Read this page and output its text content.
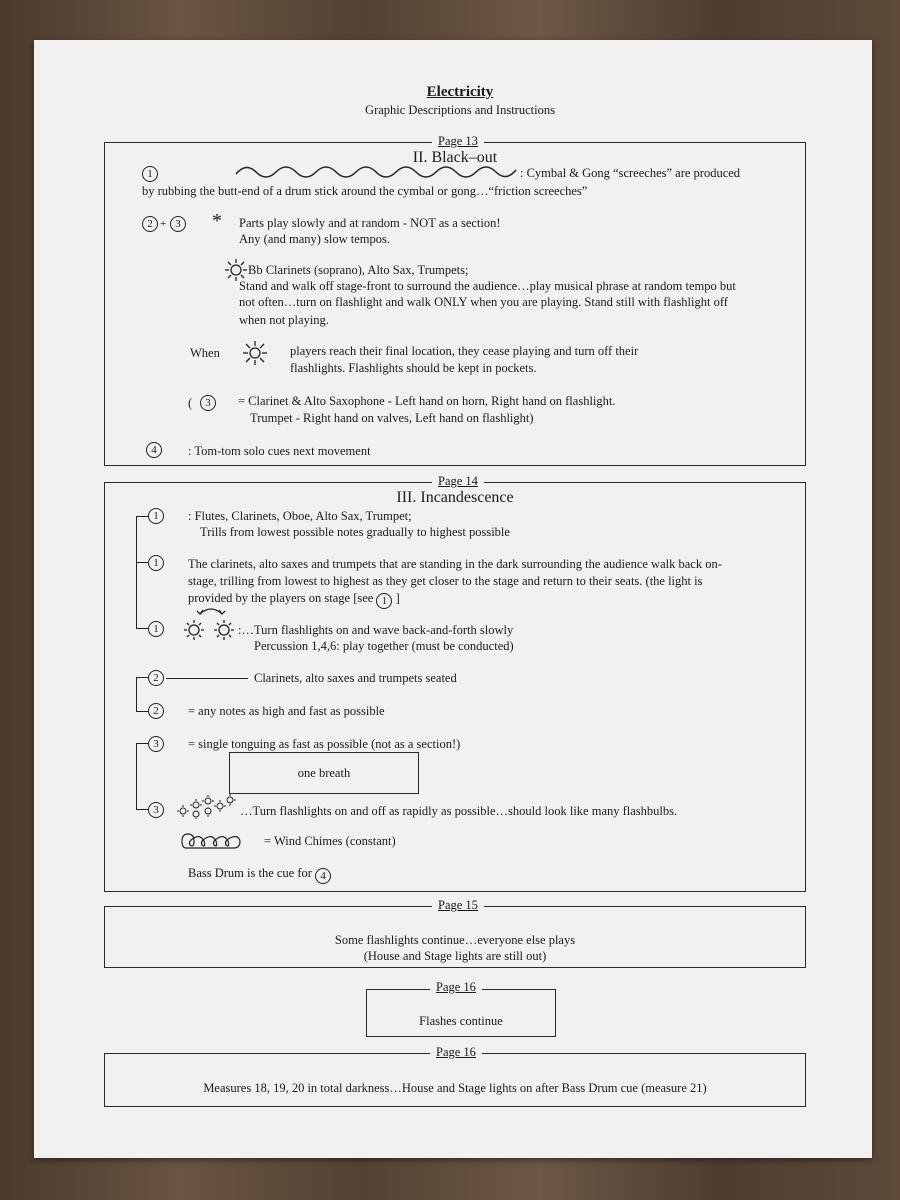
Electricity
Graphic Descriptions and Instructions
Page 13
II. Black–out
1	: Cymbal & Gong “screeches” are produced
by rubbing the butt-end of a drum stick around the cymbal or gong…“friction screeches”
2 + 3 * Parts play slowly and at random - NOT as a section!
Any (and many) slow tempos.
Bb Clarinets (soprano), Alto Sax, Trumpets;
Stand and walk off stage-front to surround the audience…play musical phrase at random tempo but
not often…turn on flashlight and walk ONLY when you are playing. Stand still with flashlight off
when not playing.
When	players reach their final location, they cease playing and turn off their
flashlights. Flashlights should be kept in pockets.
(	3	= Clarinet & Alto Saxophone - Left hand on horn, Right hand on flashlight.
Trumpet - Right hand on valves, Left hand on flashlight)
4	: Tom-tom solo cues next movement
Page 14
III. Incandescence
1	: Flutes, Clarinets, Oboe, Alto Sax, Trumpet;
Trills from lowest possible notes gradually to highest possible
1	The clarinets, alto saxes and trumpets that are standing in the dark surrounding the audience walk back on-
stage, trilling from lowest to highest as they get closer to the stage and return to their seats. (the light is
provided by the players on stage [see 1 ]
1	:…Turn flashlights on and wave back-and-forth slowly
Percussion 1,4,6: play together (must be conducted)
2	Clarinets, alto saxes and trumpets seated
2	= any notes as high and fast as possible
3	= single tonguing as fast as possible (not as a section!)
one breath
3	…Turn flashlights on and off as rapidly as possible…should look like many flashbulbs.
= Wind Chimes (constant)
Bass Drum is the cue for 4
Page 15
Some flashlights continue…everyone else plays
(House and Stage lights are still out)
Page 16
Flashes continue
Page 16
Measures 18, 19, 20 in total darkness…House and Stage lights on after Bass Drum cue (measure 21)
